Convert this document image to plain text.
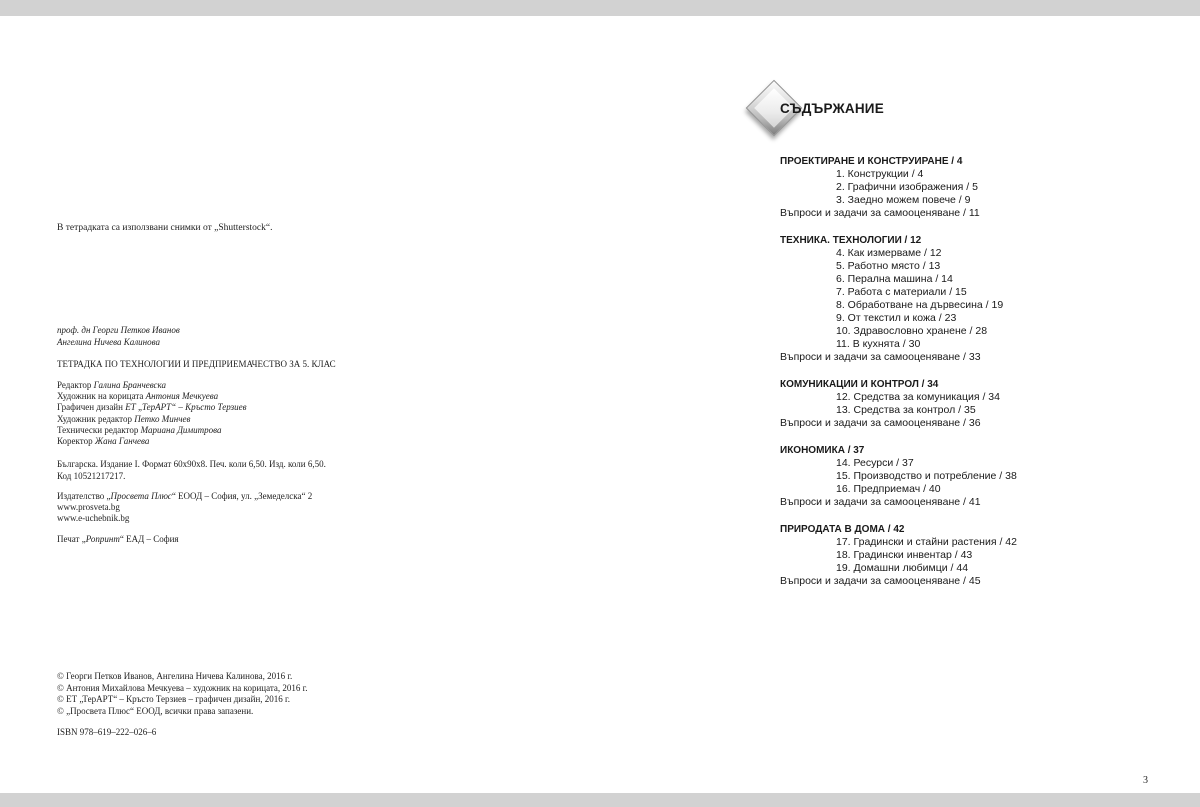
В тетрадката са използвани снимки от „Shutterstock“.
проф. дн Георги Петков Иванов
Ангелина Ничева Калинова
ТЕТРАДКА ПО ТЕХНОЛОГИИ И ПРЕДПРИЕМАЧЕСТВО ЗА 5. КЛАС
Редактор Галина Бранчевска
Художник на корицата Антония Мечкуева
Графичен дизайн ЕТ „ТерАРТ“ – Кръсто Терзиев
Художник редактор Петко Минчев
Технически редактор Мариана Димитрова
Коректор Жана Ганчева
Българска. Издание I. Формат 60х90х8. Печ. коли 6,50. Изд. коли 6,50.
Код 10521217217.
Издателство „Просвета Плюс“ ЕООД – София, ул. „Земеделска“ 2
www.prosveta.bg
www.e-uchebnik.bg
Печат „Ропринт“ ЕАД – София
© Георги Петков Иванов, Ангелина Ничева Калинова, 2016 г.
© Антония Михайлова Мечкуева – художник на корицата, 2016 г.
© ЕТ „ТерАРТ“ – Кръсто Терзиев – графичен дизайн, 2016 г.
© „Просвета Плюс“ ЕООД, всички права запазени.
ISBN 978–619–222–026–6
СЪДЪРЖАНИЕ
ПРОЕКТИРАНЕ И КОНСТРУИРАНЕ / 4
1. Конструкции / 4
2. Графични изображения / 5
3. Заедно можем повече / 9
Въпроси и задачи за самооценяване / 11
ТЕХНИКА. ТЕХНОЛОГИИ / 12
4. Как измерваме / 12
5. Работно място / 13
6. Перална машина / 14
7. Работа с материали / 15
8. Обработване на дървесина / 19
9. От текстил и кожа / 23
10. Здравословно хранене / 28
11. В кухнята / 30
Въпроси и задачи за самооценяване / 33
КОМУНИКАЦИИ И КОНТРОЛ / 34
12. Средства за комуникация / 34
13. Средства за контрол / 35
Въпроси и задачи за самооценяване / 36
ИКОНОМИКА / 37
14. Ресурси / 37
15. Производство и потребление / 38
16. Предприемач / 40
Въпроси и задачи за самооценяване / 41
ПРИРОДАТА В ДОМА / 42
17. Градински и стайни растения / 42
18. Градински инвентар / 43
19. Домашни любимци / 44
Въпроси и задачи за самооценяване / 45
3
